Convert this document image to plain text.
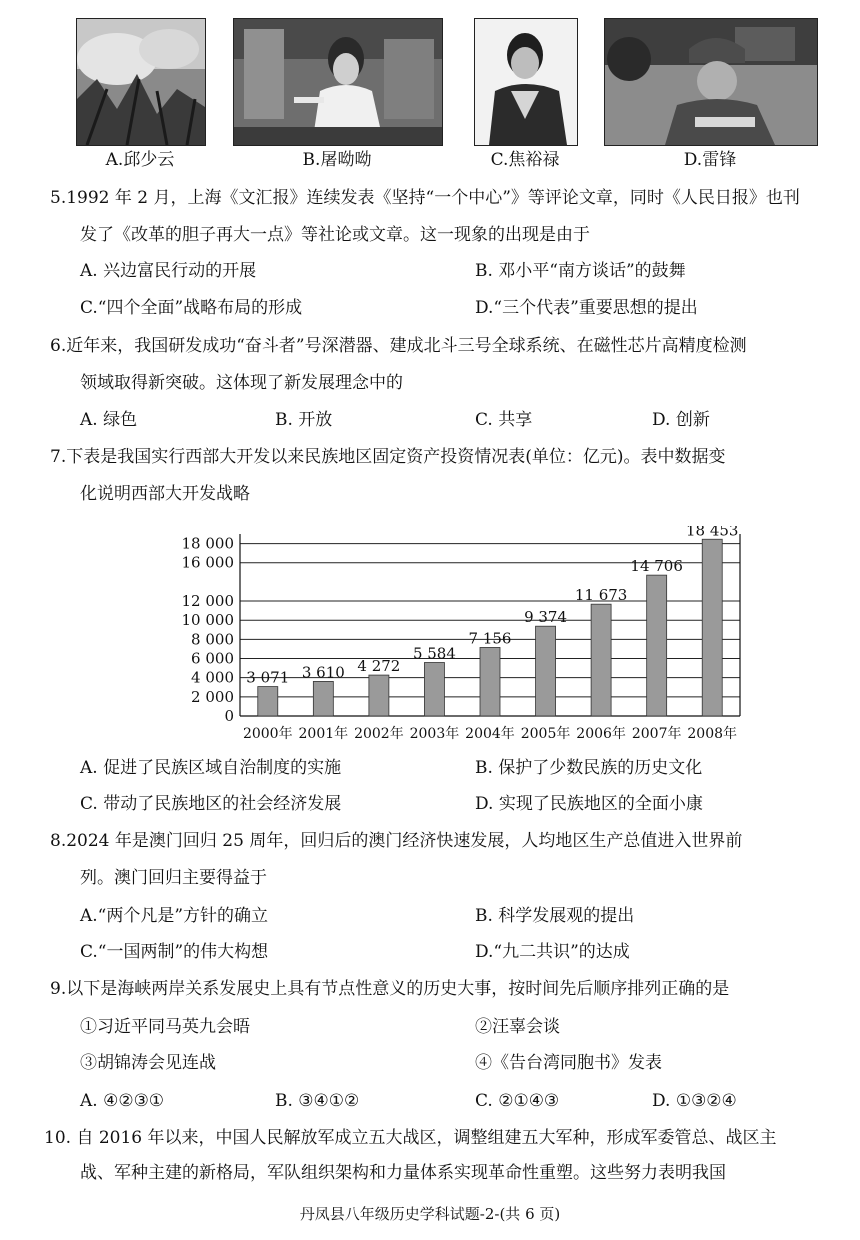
A.邱少云	B.屠呦呦	C.焦裕禄	D.雷锋
5.1992 年 2 月，上海《文汇报》连续发表《坚持“一个中心”》等评论文章，同时《人民日报》也刊
发了《改革的胆子再大一点》等社论或文章。这一现象的出现是由于
A. 兴边富民行动的开展	B. 邓小平“南方谈话”的鼓舞
C.“四个全面”战略布局的形成	D.“三个代表”重要思想的提出
6.近年来，我国研发成功“奋斗者”号深潜器、建成北斗三号全球系统、在磁性芯片高精度检测
领域取得新突破。这体现了新发展理念中的
A. 绿色	B. 开放	C. 共享	D. 创新
7.下表是我国实行西部大开发以来民族地区固定资产投资情况表(单位：亿元)。表中数据变
化说明西部大开发战略
0
2 000
4 000
6 000
8 000
10 000
12 000
16 000
18 000
3 071
2000年
3 610
2001年
4 272
2002年
5 584
2003年
7 156
2004年
9 374
2005年
11 673
2006年
14 706
2007年
18 453
2008年
A. 促进了民族区域自治制度的实施	B. 保护了少数民族的历史文化
C. 带动了民族地区的社会经济发展	D. 实现了民族地区的全面小康
8.2024 年是澳门回归 25 周年，回归后的澳门经济快速发展，人均地区生产总值进入世界前
列。澳门回归主要得益于
A.“两个凡是”方针的确立	B. 科学发展观的提出
C.“一国两制”的伟大构想	D.“九二共识”的达成
9.以下是海峡两岸关系发展史上具有节点性意义的历史大事，按时间先后顺序排列正确的是
①习近平同马英九会晤	②汪辜会谈
③胡锦涛会见连战	④《告台湾同胞书》发表
A. ④②③①	B. ③④①②	C. ②①④③	D. ①③②④
10. 自 2016 年以来，中国人民解放军成立五大战区，调整组建五大军种，形成军委管总、战区主
战、军种主建的新格局，军队组织架构和力量体系实现革命性重塑。这些努力表明我国
丹凤县八年级历史学科试题-2-(共 6 页)
